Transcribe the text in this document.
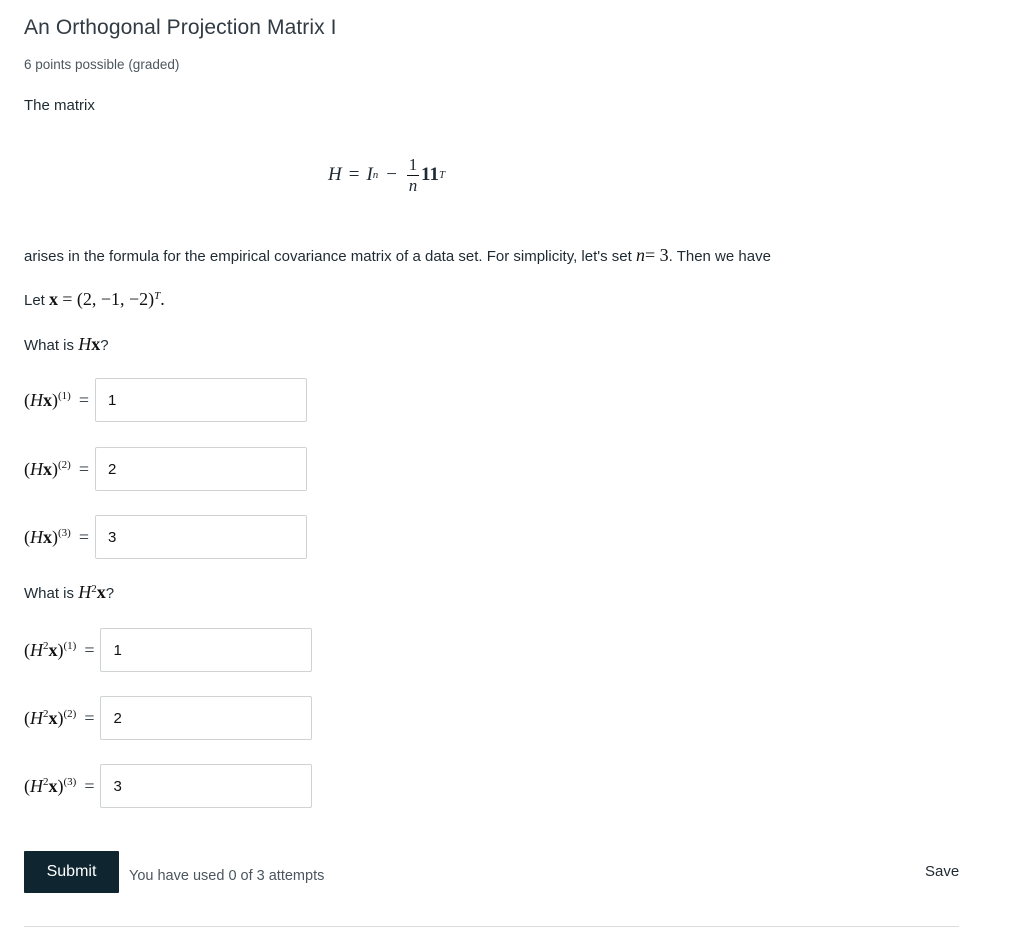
An Orthogonal Projection Matrix I
6 points possible (graded)
The matrix
H = I $n - \frac{1}{n} 11$ T
arises in the formula for the empirical covariance matrix of a data set. For simplicity, let's set n= 3. Then we have
Let x = (2, −1, −2)$^T$.
What is Hx?
$(Hx)^{(1)}$ =
1
$(Hx)^{(2)}$ =
2
$(Hx)^{(3)}$ =
3
What is $H^2x$?
$(H^2x)^{(1)}$ =
1
$(H^2x)^{(2)}$ =
2
$(H^2x)^{(3)}$ =
3
Submit	You have used 0 of 3 attempts	Save
